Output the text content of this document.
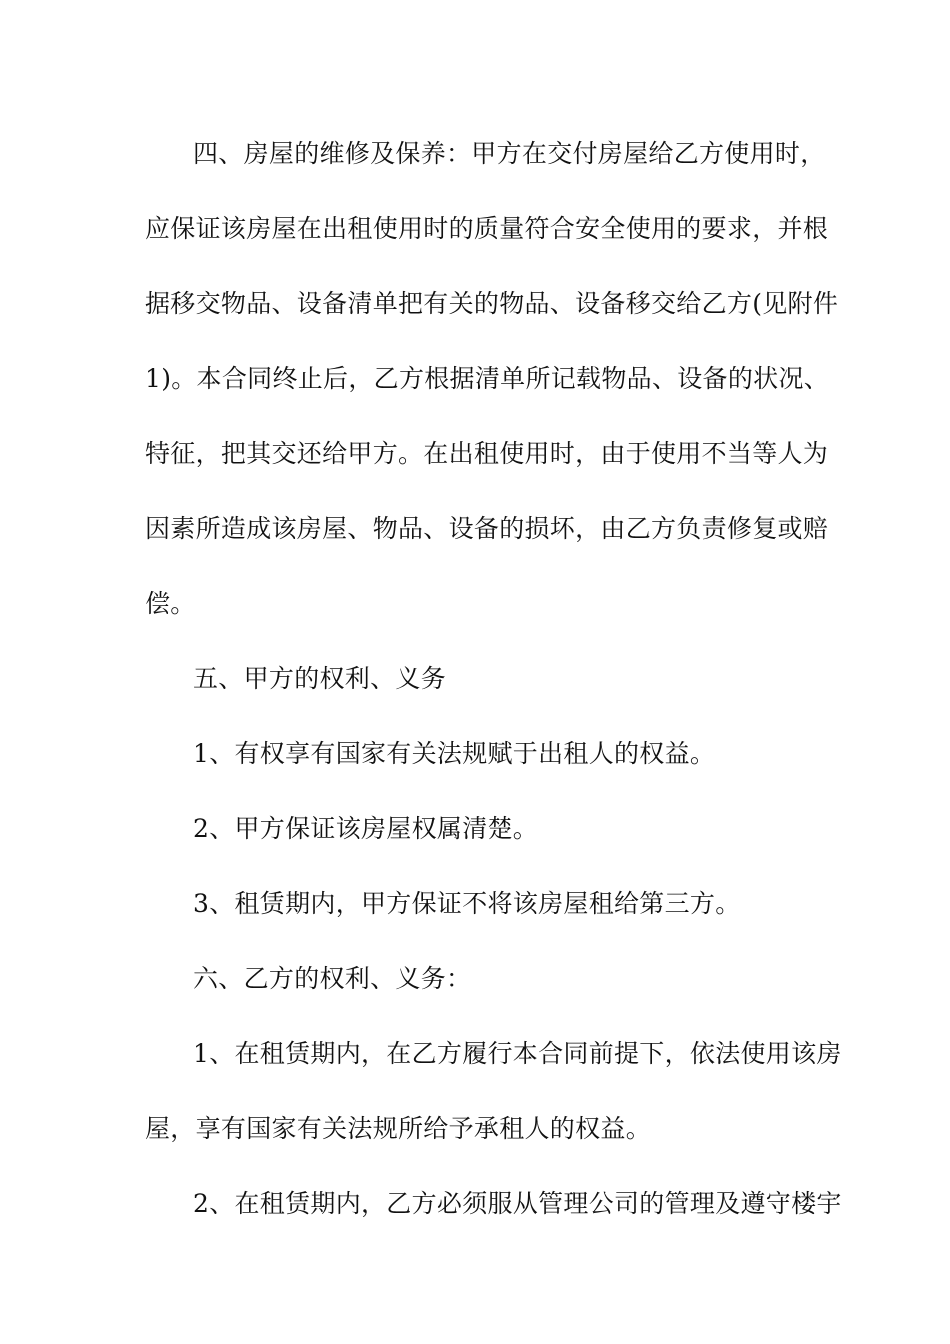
四、房屋的维修及保养：甲方在交付房屋给乙方使用时，
应保证该房屋在出租使用时的质量符合安全使用的要求，并根
据移交物品、设备清单把有关的物品、设备移交给乙方(见附件
1)。本合同终止后，乙方根据清单所记载物品、设备的状况、
特征，把其交还给甲方。在出租使用时，由于使用不当等人为
因素所造成该房屋、物品、设备的损坏，由乙方负责修复或赔
偿。
五、甲方的权利、义务
1、有权享有国家有关法规赋于出租人的权益。
2、甲方保证该房屋权属清楚。
3、租赁期内，甲方保证不将该房屋租给第三方。
六、乙方的权利、义务：
1、在租赁期内，在乙方履行本合同前提下，依法使用该房
屋，享有国家有关法规所给予承租人的权益。
2、在租赁期内，乙方必须服从管理公司的管理及遵守楼宇
